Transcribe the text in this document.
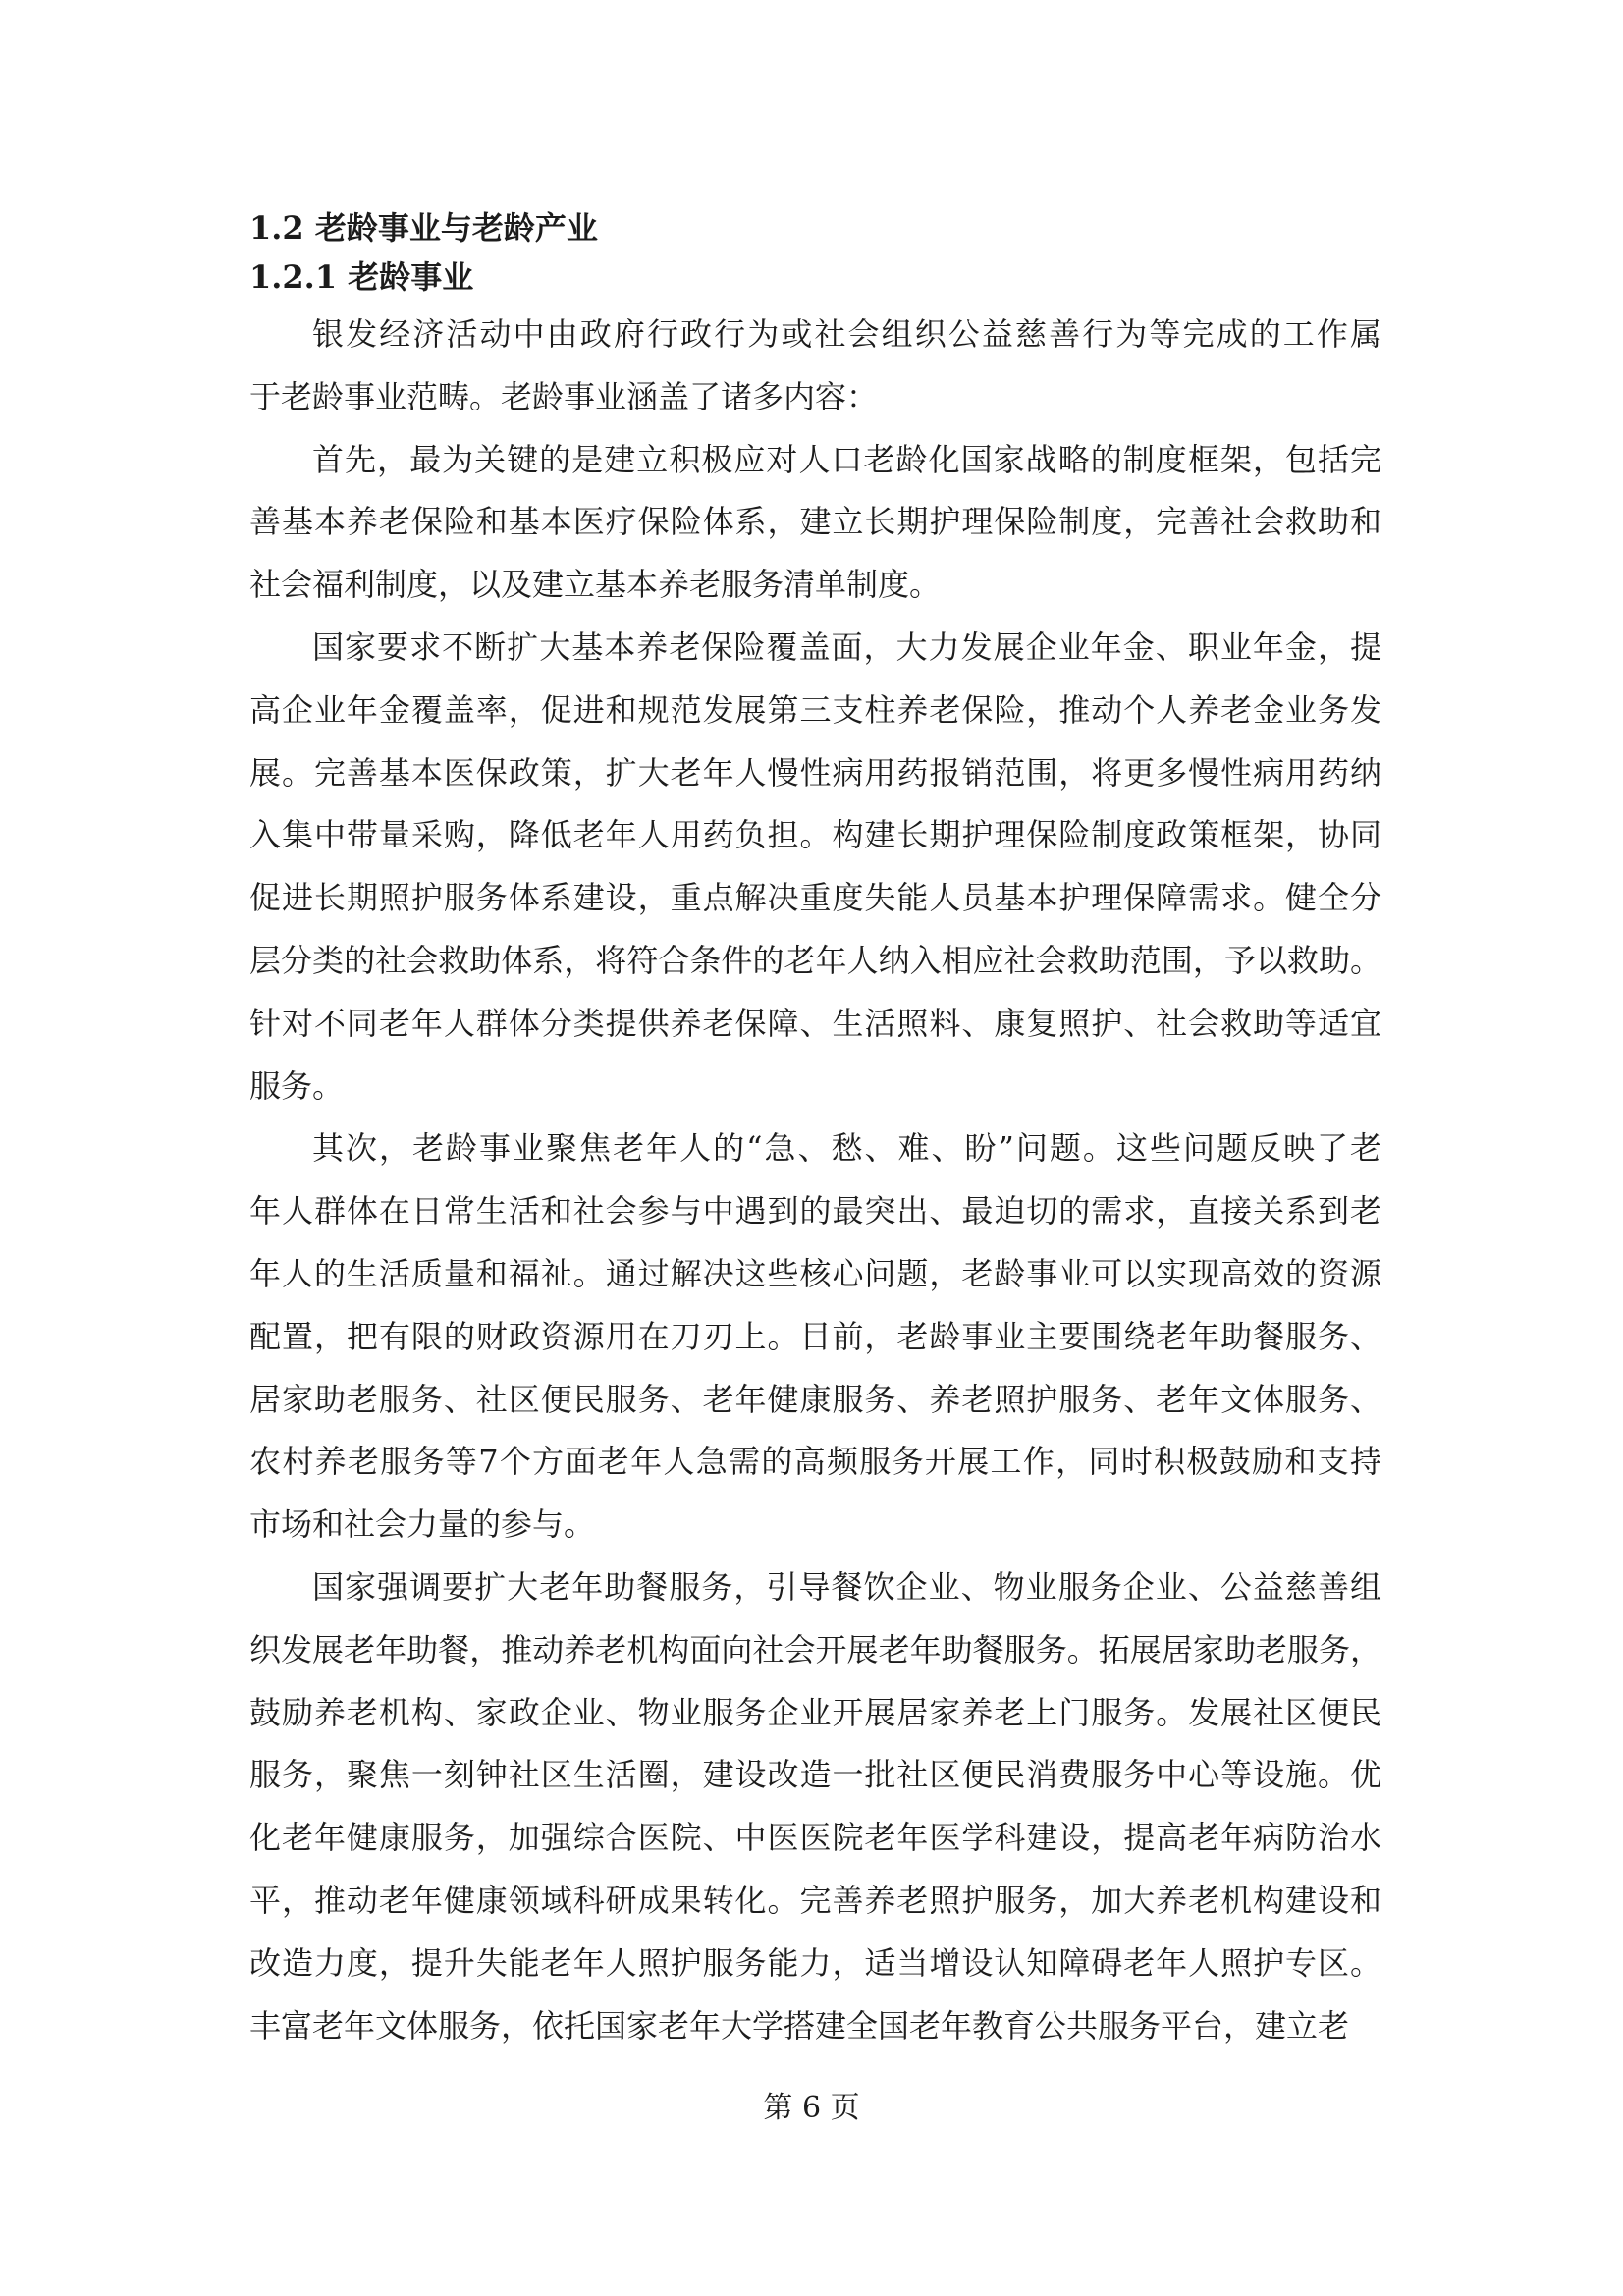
1.2 老龄事业与老龄产业
1.2.1 老龄事业
银发经济活动中由政府行政行为或社会组织公益慈善行为等完成的工作属
于老龄事业范畴。老龄事业涵盖了诸多内容：
首先，最为关键的是建立积极应对人口老龄化国家战略的制度框架，包括完
善基本养老保险和基本医疗保险体系，建立长期护理保险制度，完善社会救助和
社会福利制度，以及建立基本养老服务清单制度。
国家要求不断扩大基本养老保险覆盖面，大力发展企业年金、职业年金，提
高企业年金覆盖率，促进和规范发展第三支柱养老保险，推动个人养老金业务发
展。完善基本医保政策，扩大老年人慢性病用药报销范围，将更多慢性病用药纳
入集中带量采购，降低老年人用药负担。构建长期护理保险制度政策框架，协同
促进长期照护服务体系建设，重点解决重度失能人员基本护理保障需求。健全分
层分类的社会救助体系，将符合条件的老年人纳入相应社会救助范围，予以救助。
针对不同老年人群体分类提供养老保障、生活照料、康复照护、社会救助等适宜
服务。
其次，老龄事业聚焦老年人的“急、愁、难、盼”问题。这些问题反映了老
年人群体在日常生活和社会参与中遇到的最突出、最迫切的需求，直接关系到老
年人的生活质量和福祉。通过解决这些核心问题，老龄事业可以实现高效的资源
配置，把有限的财政资源用在刀刃上。目前，老龄事业主要围绕老年助餐服务、
居家助老服务、社区便民服务、老年健康服务、养老照护服务、老年文体服务、
农村养老服务等7个方面老年人急需的高频服务开展工作，同时积极鼓励和支持
市场和社会力量的参与。
国家强调要扩大老年助餐服务，引导餐饮企业、物业服务企业、公益慈善组
织发展老年助餐，推动养老机构面向社会开展老年助餐服务。拓展居家助老服务，
鼓励养老机构、家政企业、物业服务企业开展居家养老上门服务。发展社区便民
服务，聚焦一刻钟社区生活圈，建设改造一批社区便民消费服务中心等设施。优
化老年健康服务，加强综合医院、中医医院老年医学科建设，提高老年病防治水
平，推动老年健康领域科研成果转化。完善养老照护服务，加大养老机构建设和
改造力度，提升失能老年人照护服务能力，适当增设认知障碍老年人照护专区。
丰富老年文体服务，依托国家老年大学搭建全国老年教育公共服务平台，建立老
第 6 页
